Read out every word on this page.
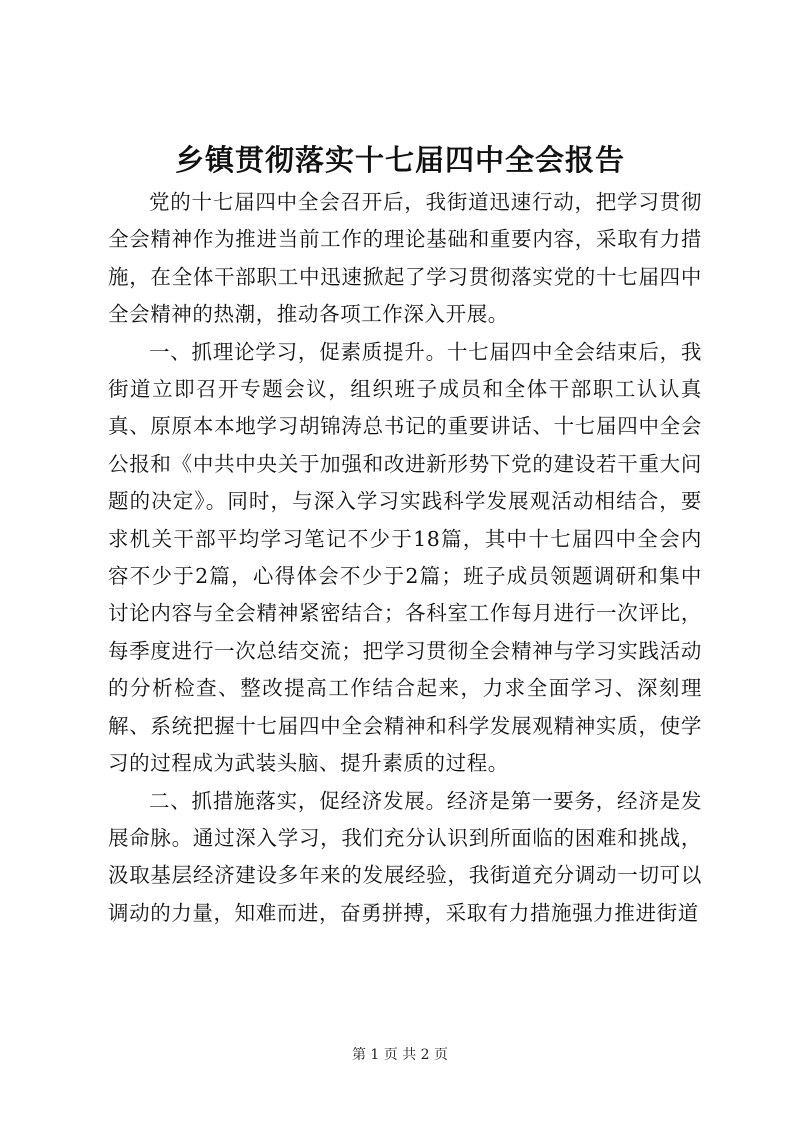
乡镇贯彻落实十七届四中全会报告

党的十七届四中全会召开后，我街道迅速行动，把学习贯彻全会精神作为推进当前工作的理论基础和重要内容，采取有力措施，在全体干部职工中迅速掀起了学习贯彻落实党的十七届四中全会精神的热潮，推动各项工作深入开展。

一、抓理论学习，促素质提升。十七届四中全会结束后，我街道立即召开专题会议，组织班子成员和全体干部职工认认真真、原原本本地学习胡锦涛总书记的重要讲话、十七届四中全会公报和《中共中央关于加强和改进新形势下党的建设若干重大问题的决定》。同时，与深入学习实践科学发展观活动相结合，要求机关干部平均学习笔记不少于18篇，其中十七届四中全会内容不少于2篇，心得体会不少于2篇；班子成员领题调研和集中讨论内容与全会精神紧密结合；各科室工作每月进行一次评比，每季度进行一次总结交流；把学习贯彻全会精神与学习实践活动的分析检查、整改提高工作结合起来，力求全面学习、深刻理解、系统把握十七届四中全会精神和科学发展观精神实质，使学习的过程成为武装头脑、提升素质的过程。

二、抓措施落实，促经济发展。经济是第一要务，经济是发展命脉。通过深入学习，我们充分认识到所面临的困难和挑战，汲取基层经济建设多年来的发展经验，我街道充分调动一切可以调动的力量，知难而进，奋勇拼搏，采取有力措施强力推进街道

第 1 页 共 2 页
